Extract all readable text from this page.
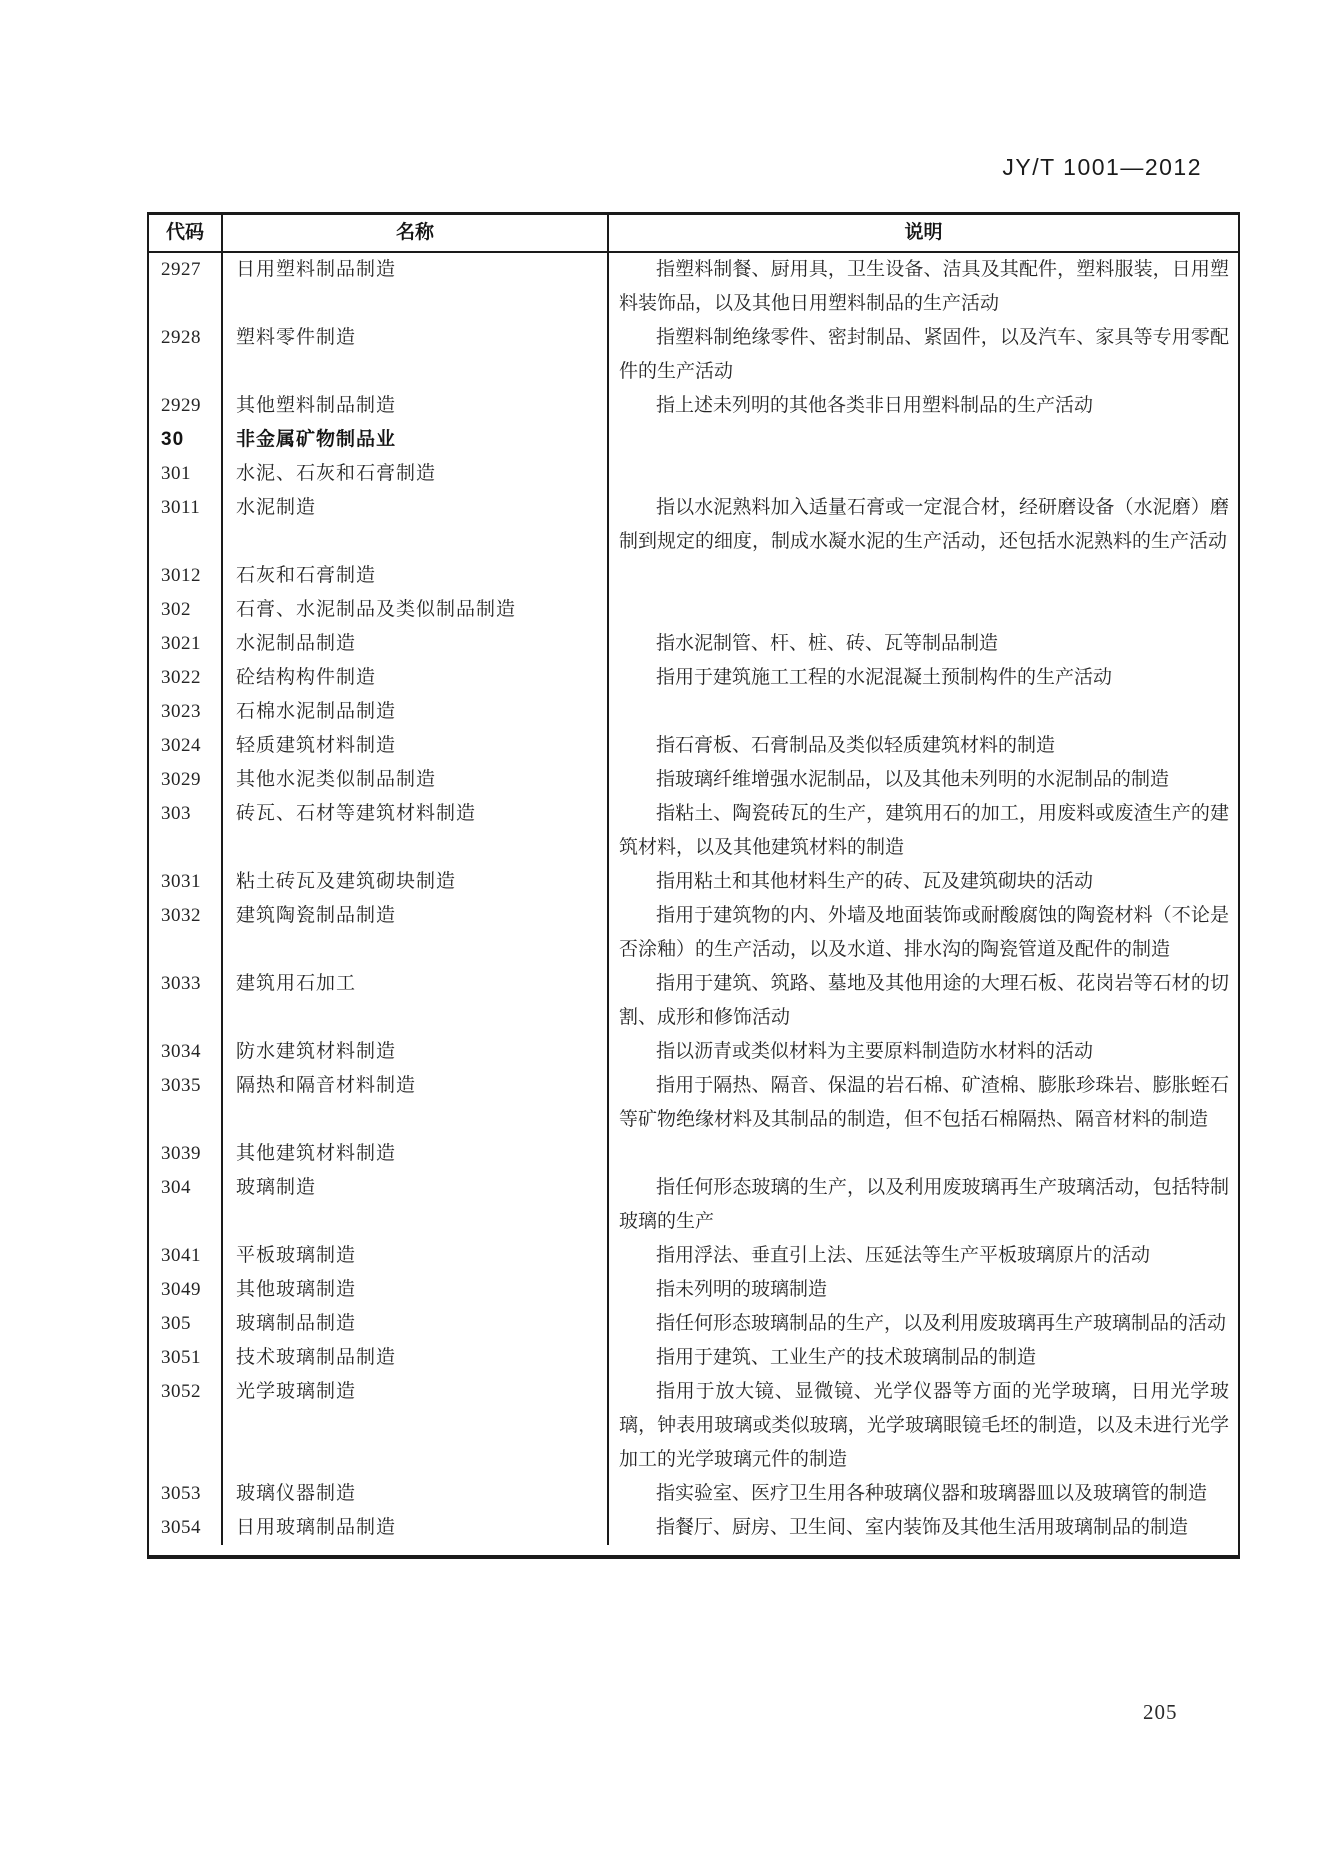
JY/T 1001—2012
代码	名称	说明
2927	日用塑料制品制造	指塑料制餐、厨用具，卫生设备、洁具及其配件，塑料服装，日用塑料装饰品，以及其他日用塑料制品的生产活动
2928	塑料零件制造	指塑料制绝缘零件、密封制品、紧固件，以及汽车、家具等专用零配件的生产活动
2929	其他塑料制品制造	指上述未列明的其他各类非日用塑料制品的生产活动
30	非金属矿物制品业
301	水泥、石灰和石膏制造
3011	水泥制造	指以水泥熟料加入适量石膏或一定混合材，经研磨设备（水泥磨）磨制到规定的细度，制成水凝水泥的生产活动，还包括水泥熟料的生产活动
3012	石灰和石膏制造
302	石膏、水泥制品及类似制品制造
3021	水泥制品制造	指水泥制管、杆、桩、砖、瓦等制品制造
3022	砼结构构件制造	指用于建筑施工工程的水泥混凝土预制构件的生产活动
3023	石棉水泥制品制造
3024	轻质建筑材料制造	指石膏板、石膏制品及类似轻质建筑材料的制造
3029	其他水泥类似制品制造	指玻璃纤维增强水泥制品，以及其他未列明的水泥制品的制造
303	砖瓦、石材等建筑材料制造	指粘土、陶瓷砖瓦的生产，建筑用石的加工，用废料或废渣生产的建筑材料，以及其他建筑材料的制造
3031	粘土砖瓦及建筑砌块制造	指用粘土和其他材料生产的砖、瓦及建筑砌块的活动
3032	建筑陶瓷制品制造	指用于建筑物的内、外墙及地面装饰或耐酸腐蚀的陶瓷材料（不论是否涂釉）的生产活动，以及水道、排水沟的陶瓷管道及配件的制造
3033	建筑用石加工	指用于建筑、筑路、墓地及其他用途的大理石板、花岗岩等石材的切割、成形和修饰活动
3034	防水建筑材料制造	指以沥青或类似材料为主要原料制造防水材料的活动
3035	隔热和隔音材料制造	指用于隔热、隔音、保温的岩石棉、矿渣棉、膨胀珍珠岩、膨胀蛭石等矿物绝缘材料及其制品的制造，但不包括石棉隔热、隔音材料的制造
3039	其他建筑材料制造
304	玻璃制造	指任何形态玻璃的生产，以及利用废玻璃再生产玻璃活动，包括特制玻璃的生产
3041	平板玻璃制造	指用浮法、垂直引上法、压延法等生产平板玻璃原片的活动
3049	其他玻璃制造	指未列明的玻璃制造
305	玻璃制品制造	指任何形态玻璃制品的生产，以及利用废玻璃再生产玻璃制品的活动
3051	技术玻璃制品制造	指用于建筑、工业生产的技术玻璃制品的制造
3052	光学玻璃制造	指用于放大镜、显微镜、光学仪器等方面的光学玻璃，日用光学玻璃，钟表用玻璃或类似玻璃，光学玻璃眼镜毛坯的制造，以及未进行光学加工的光学玻璃元件的制造
3053	玻璃仪器制造	指实验室、医疗卫生用各种玻璃仪器和玻璃器皿以及玻璃管的制造
3054	日用玻璃制品制造	指餐厅、厨房、卫生间、室内装饰及其他生活用玻璃制品的制造
205
